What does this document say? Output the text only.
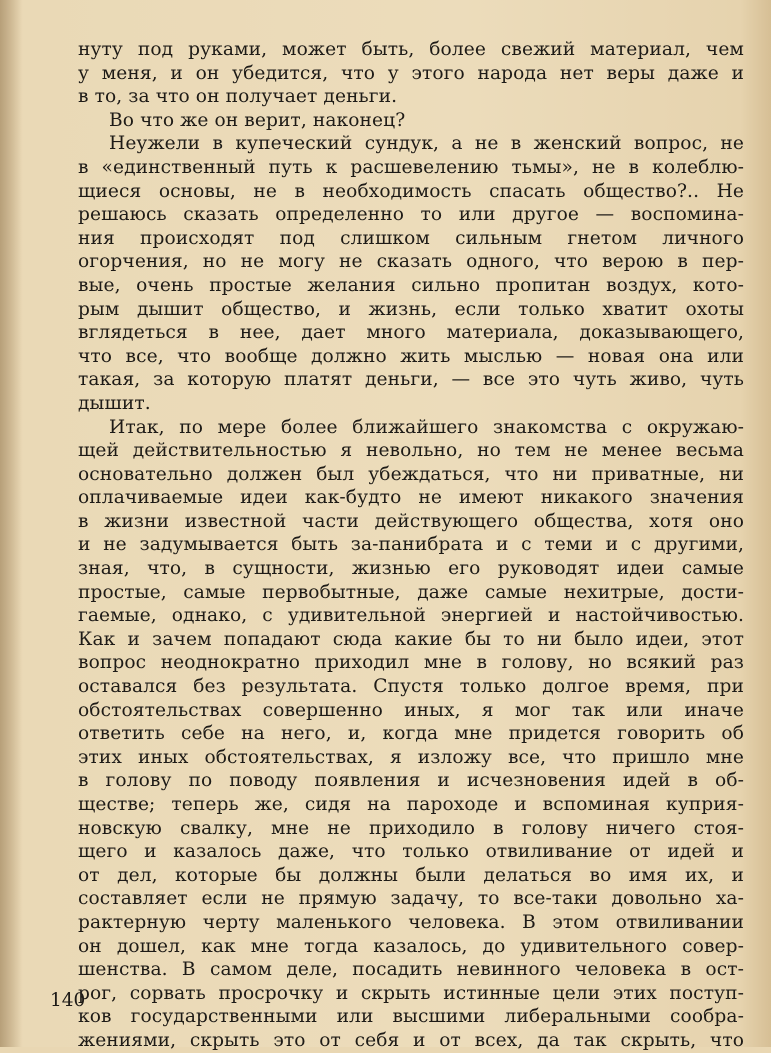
нуту под руками, может быть, более свежий материал, чем
у меня, и он убедится, что у этого народа нет веры даже и
в то, за что он получает деньги.
Во что же он верит, наконец?
Неужели в купеческий сундук, а не в женский вопрос, не
в «единственный путь к расшевелению тьмы», не в колеблю-
щиеся основы, не в необходимость спасать общество?.. Не
решаюсь сказать определенно то или другое — воспомина-
ния происходят под слишком сильным гнетом личного
огорчения, но не могу не сказать одного, что верою в пер-
вые, очень простые желания сильно пропитан воздух, кото-
рым дышит общество, и жизнь, если только хватит охоты
вглядеться в нее, дает много материала, доказывающего,
что все, что вообще должно жить мыслью — новая она или
такая, за которую платят деньги, — все это чуть живо, чуть
дышит.
Итак, по мере более ближайшего знакомства с окружаю-
щей действительностью я невольно, но тем не менее весьма
основательно должен был убеждаться, что ни приватные, ни
оплачиваемые идеи как-будто не имеют никакого значения
в жизни известной части действующего общества, хотя оно
и не задумывается быть за-панибрата и с теми и с другими,
зная, что, в сущности, жизнью его руководят идеи самые
простые, самые первобытные, даже самые нехитрые, дости-
гаемые, однако, с удивительной энергией и настойчивостью.
Как и зачем попадают сюда какие бы то ни было идеи, этот
вопрос неоднократно приходил мне в голову, но всякий раз
оставался без результата. Спустя только долгое время, при
обстоятельствах совершенно иных, я мог так или иначе
ответить себе на него, и, когда мне придется говорить об
этих иных обстоятельствах, я изложу все, что пришло мне
в голову по поводу появления и исчезновения идей в об-
ществе; теперь же, сидя на пароходе и вспоминая куприя-
новскую свалку, мне не приходило в голову ничего стоя-
щего и казалось даже, что только отвиливание от идей и
от дел, которые бы должны были делаться во имя их, и
составляет если не прямую задачу, то все-таки довольно ха-
рактерную черту маленького человека. В этом отвиливании
он дошел, как мне тогда казалось, до удивительного совер-
шенства. В самом деле, посадить невинного человека в ост-
рог, сорвать просрочку и скрыть истинные цели этих поступ-
ков государственными или высшими либеральными сообра-
жениями, скрыть это от себя и от всех, да так скрыть, что
140
